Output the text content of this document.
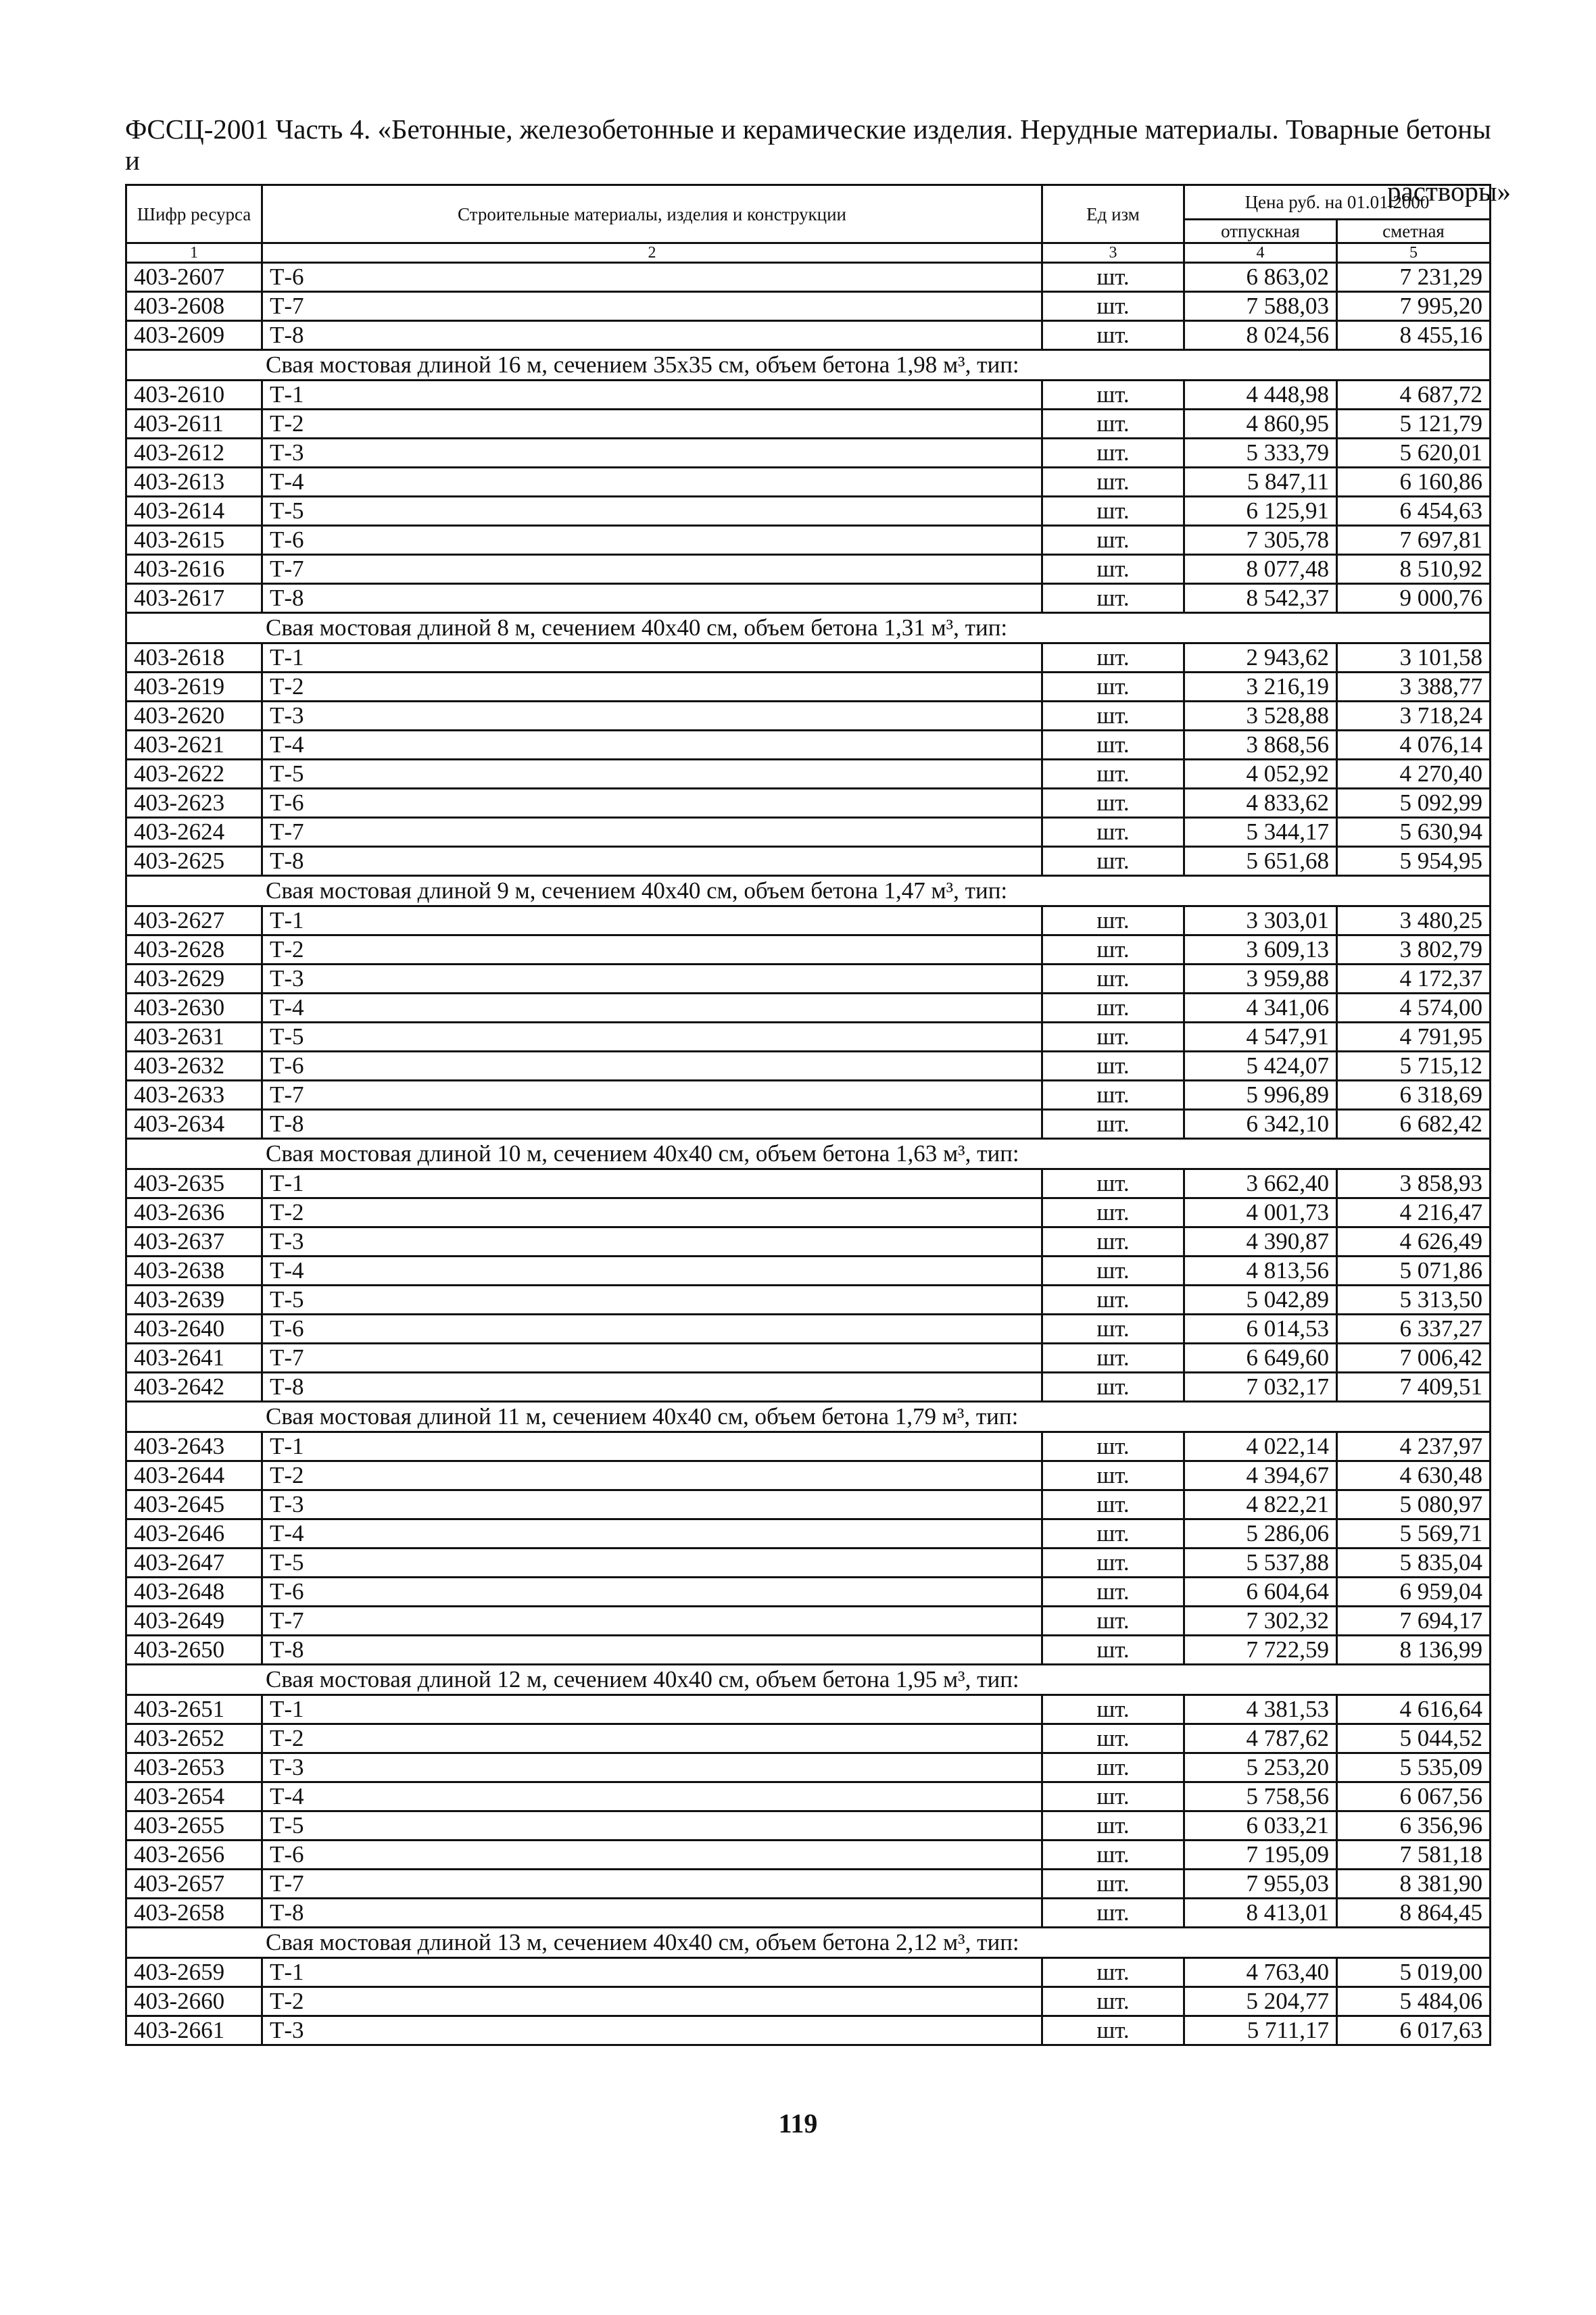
ФССЦ-2001 Часть 4. «Бетонные, железобетонные и керамические изделия. Нерудные материалы. Товарные бетоны и
растворы»
Шифр ресурса	Строительные материалы, изделия и конструкции	Ед изм	Цена руб. на 01.01.2000	
			отпускная	сметная
1	2	3	4	5
403-2607	Т-6	шт.	6 863,02	7 231,29
403-2608	Т-7	шт.	7 588,03	7 995,20
403-2609	Т-8	шт.	8 024,56	8 455,16
Свая мостовая длиной 16 м, сечением 35х35 см, объем бетона 1,98 м³, тип:				
403-2610	Т-1	шт.	4 448,98	4 687,72
403-2611	Т-2	шт.	4 860,95	5 121,79
403-2612	Т-3	шт.	5 333,79	5 620,01
403-2613	Т-4	шт.	5 847,11	6 160,86
403-2614	Т-5	шт.	6 125,91	6 454,63
403-2615	Т-6	шт.	7 305,78	7 697,81
403-2616	Т-7	шт.	8 077,48	8 510,92
403-2617	Т-8	шт.	8 542,37	9 000,76
Свая мостовая длиной 8 м, сечением 40х40 см, объем бетона 1,31 м³, тип:				
403-2618	Т-1	шт.	2 943,62	3 101,58
403-2619	Т-2	шт.	3 216,19	3 388,77
403-2620	Т-3	шт.	3 528,88	3 718,24
403-2621	Т-4	шт.	3 868,56	4 076,14
403-2622	Т-5	шт.	4 052,92	4 270,40
403-2623	Т-6	шт.	4 833,62	5 092,99
403-2624	Т-7	шт.	5 344,17	5 630,94
403-2625	Т-8	шт.	5 651,68	5 954,95
Свая мостовая длиной 9 м, сечением 40х40 см, объем бетона 1,47 м³, тип:				
403-2627	Т-1	шт.	3 303,01	3 480,25
403-2628	Т-2	шт.	3 609,13	3 802,79
403-2629	Т-3	шт.	3 959,88	4 172,37
403-2630	Т-4	шт.	4 341,06	4 574,00
403-2631	Т-5	шт.	4 547,91	4 791,95
403-2632	Т-6	шт.	5 424,07	5 715,12
403-2633	Т-7	шт.	5 996,89	6 318,69
403-2634	Т-8	шт.	6 342,10	6 682,42
Свая мостовая длиной 10 м, сечением 40х40 см, объем бетона 1,63 м³, тип:				
403-2635	Т-1	шт.	3 662,40	3 858,93
403-2636	Т-2	шт.	4 001,73	4 216,47
403-2637	Т-3	шт.	4 390,87	4 626,49
403-2638	Т-4	шт.	4 813,56	5 071,86
403-2639	Т-5	шт.	5 042,89	5 313,50
403-2640	Т-6	шт.	6 014,53	6 337,27
403-2641	Т-7	шт.	6 649,60	7 006,42
403-2642	Т-8	шт.	7 032,17	7 409,51
Свая мостовая длиной 11 м, сечением 40х40 см, объем бетона 1,79 м³, тип:				
403-2643	Т-1	шт.	4 022,14	4 237,97
403-2644	Т-2	шт.	4 394,67	4 630,48
403-2645	Т-3	шт.	4 822,21	5 080,97
403-2646	Т-4	шт.	5 286,06	5 569,71
403-2647	Т-5	шт.	5 537,88	5 835,04
403-2648	Т-6	шт.	6 604,64	6 959,04
403-2649	Т-7	шт.	7 302,32	7 694,17
403-2650	Т-8	шт.	7 722,59	8 136,99
Свая мостовая длиной 12 м, сечением 40х40 см, объем бетона 1,95 м³, тип:				
403-2651	Т-1	шт.	4 381,53	4 616,64
403-2652	Т-2	шт.	4 787,62	5 044,52
403-2653	Т-3	шт.	5 253,20	5 535,09
403-2654	Т-4	шт.	5 758,56	6 067,56
403-2655	Т-5	шт.	6 033,21	6 356,96
403-2656	Т-6	шт.	7 195,09	7 581,18
403-2657	Т-7	шт.	7 955,03	8 381,90
403-2658	Т-8	шт.	8 413,01	8 864,45
Свая мостовая длиной 13 м, сечением 40х40 см, объем бетона 2,12 м³, тип:				
403-2659	Т-1	шт.	4 763,40	5 019,00
403-2660	Т-2	шт.	5 204,77	5 484,06
403-2661	Т-3	шт.	5 711,17	6 017,63
119
